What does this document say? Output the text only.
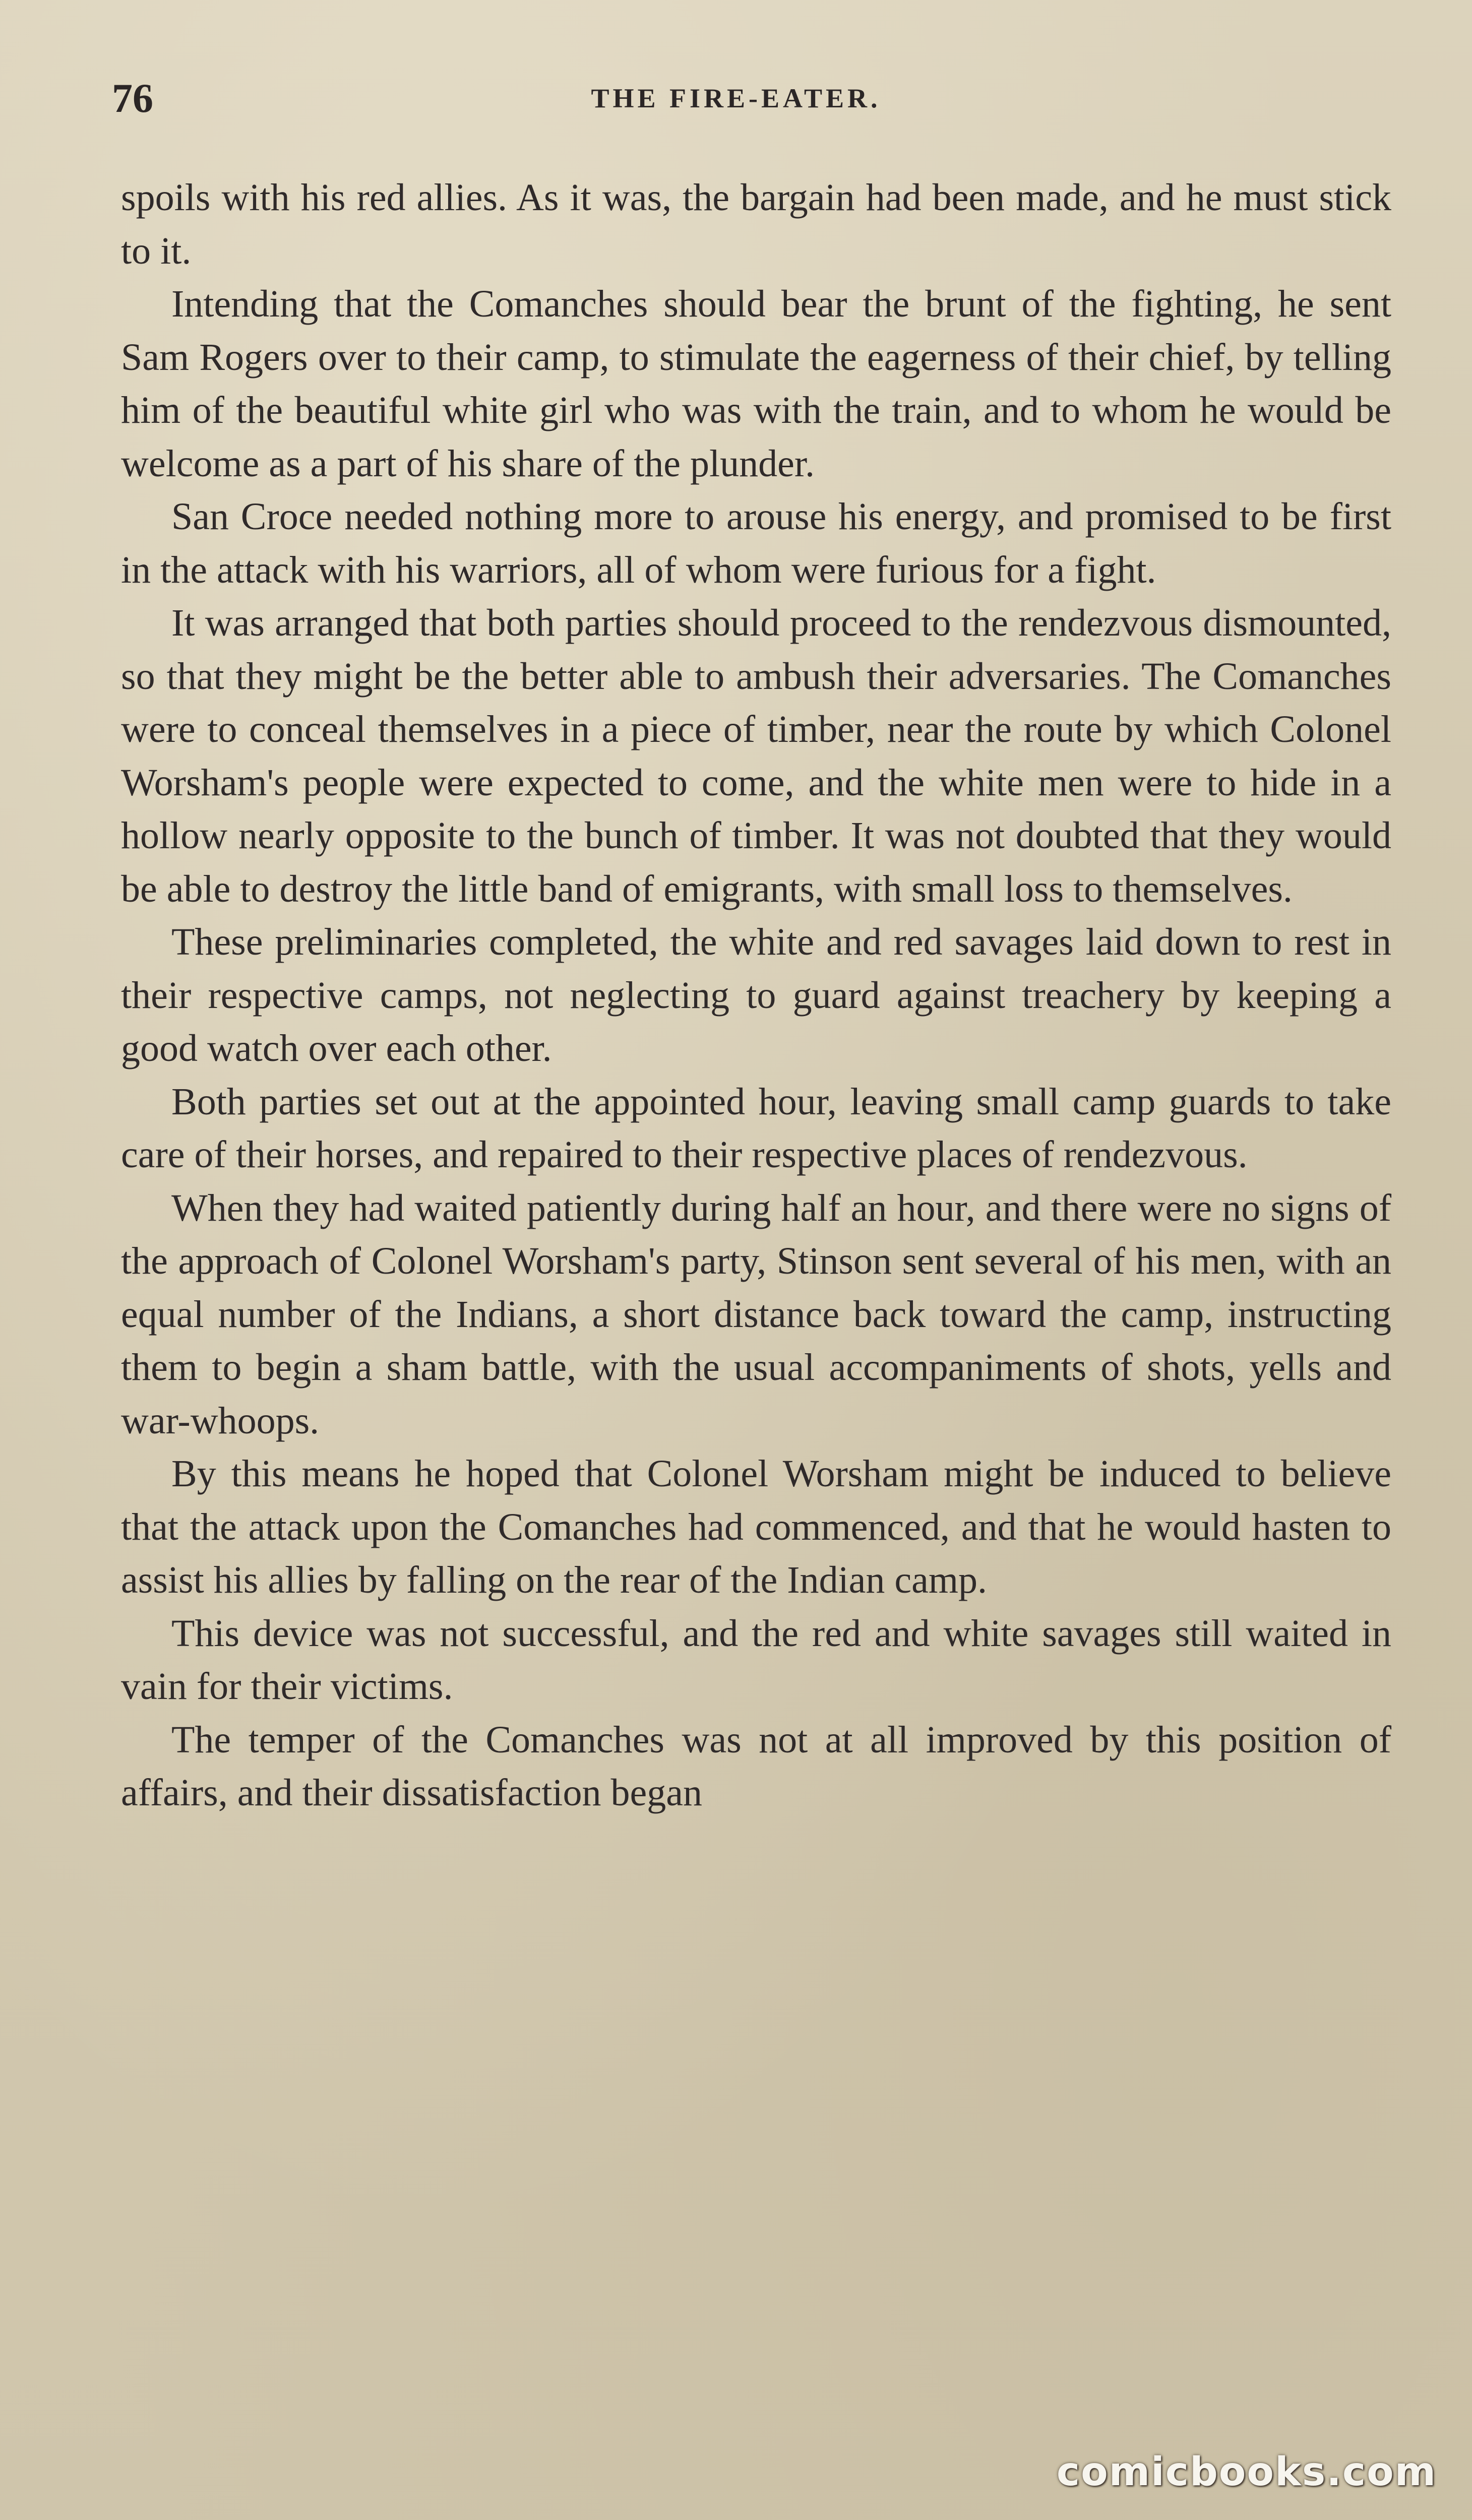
76	THE FIRE-EATER.

spoils with his red allies. As it was, the bargain had been made, and he must stick to it.

Intending that the Comanches should bear the brunt of the fighting, he sent Sam Rogers over to their camp, to stimulate the eagerness of their chief, by telling him of the beautiful white girl who was with the train, and to whom he would be welcome as a part of his share of the plunder.

San Croce needed nothing more to arouse his energy, and promised to be first in the attack with his warriors, all of whom were furious for a fight.

It was arranged that both parties should proceed to the rendezvous dismounted, so that they might be the better able to ambush their adversaries. The Comanches were to conceal themselves in a piece of timber, near the route by which Colonel Worsham's people were expected to come, and the white men were to hide in a hollow nearly opposite to the bunch of timber. It was not doubted that they would be able to destroy the little band of emigrants, with small loss to themselves.

These preliminaries completed, the white and red savages laid down to rest in their respective camps, not neglecting to guard against treachery by keeping a good watch over each other.

Both parties set out at the appointed hour, leaving small camp guards to take care of their horses, and repaired to their respective places of rendezvous.

When they had waited patiently during half an hour, and there were no signs of the approach of Colonel Worsham's party, Stinson sent several of his men, with an equal number of the Indians, a short distance back toward the camp, instructing them to begin a sham battle, with the usual accompaniments of shots, yells and war-whoops.

By this means he hoped that Colonel Worsham might be induced to believe that the attack upon the Comanches had commenced, and that he would hasten to assist his allies by falling on the rear of the Indian camp.

This device was not successful, and the red and white savages still waited in vain for their victims.

The temper of the Comanches was not at all improved by this position of affairs, and their dissatisfaction began

comicbooks.com
